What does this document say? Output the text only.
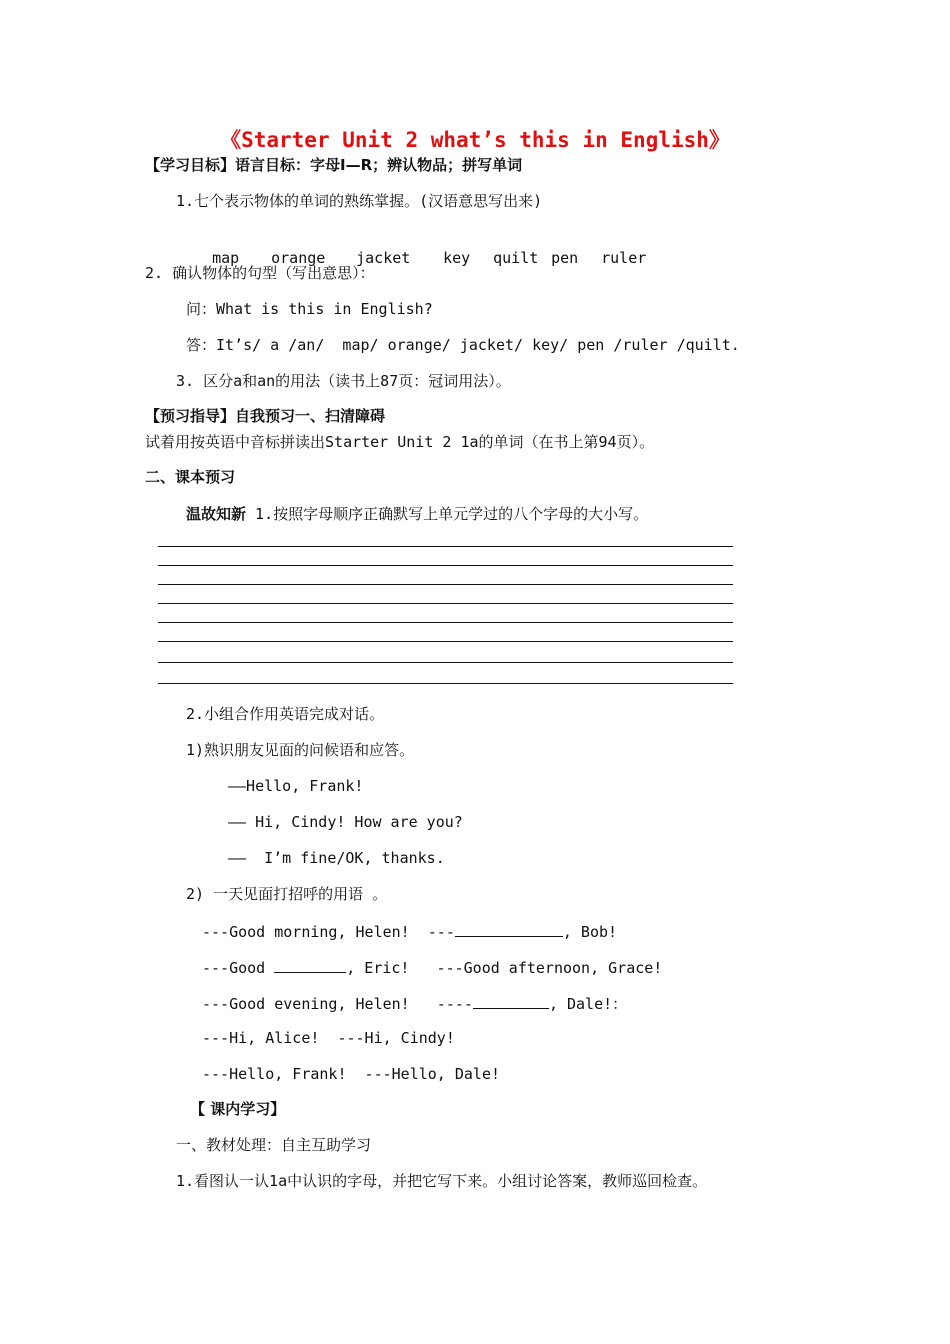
《Starter Unit 2 what’s this in English》
【学习目标】语言目标：字母I—R；辨认物品；拼写单词
1.七个表示物体的单词的熟练掌握。(汉语意思写出来)

map orange jacket key quilt pen ruler

2. 确认物体的句型（写出意思）：
问：What is this in English?
答：It’s/ a /an/  map/ orange/ jacket/ key/ pen /ruler /quilt.
3. 区分a和an的用法（读书上87页：冠词用法）。
【预习指导】自我预习一、扫清障碍
试着用按英语中音标拼读出Starter Unit 2 1a的单词（在书上第94页）。
二、课本预习
温故知新 1.按照字母顺序正确默写上单元学过的八个字母的大小写。
2.小组合作用英语完成对话。
1)熟识朋友见面的问候语和应答。
——Hello, Frank!
—— Hi, Cindy! How are you?
——  I’m fine/OK, thanks.
2) 一天见面打招呼的用语 。
---Good morning, Helen!  ---	, Bob!
---Good	, Eric!   ---Good afternoon, Grace!
---Good evening, Helen!   ----	, Dale!：
---Hi, Alice!  ---Hi, Cindy!
---Hello, Frank!  ---Hello, Dale!
【 课内学习】
一、教材处理：自主互助学习
1.看图认一认1a中认识的字母，并把它写下来。小组讨论答案，教师巡回检查。
